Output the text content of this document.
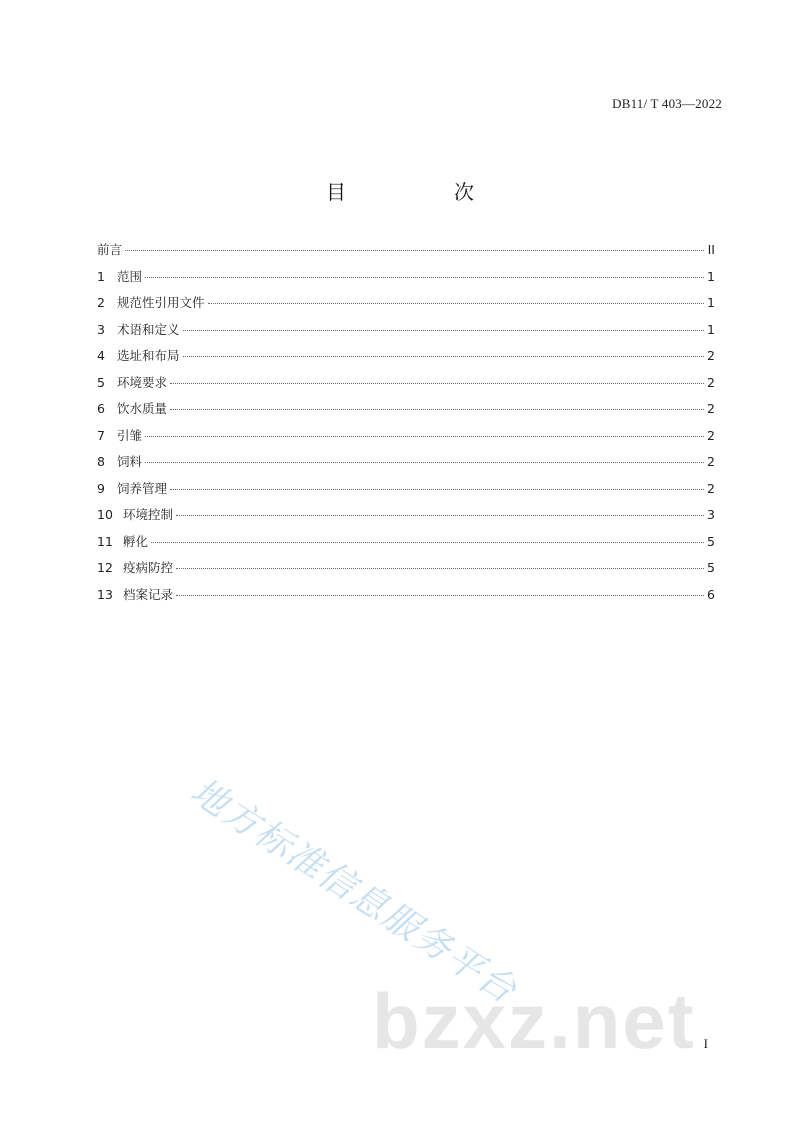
DB11/ T 403—2022
目　次
前言	II
1 范围	1
2 规范性引用文件	1
3 术语和定义	1
4 选址和布局	2
5 环境要求	2
6 饮水质量	2
7 引雏	2
8 饲料	2
9 饲养管理	2
10 环境控制	3
11 孵化	5
12 疫病防控	5
13 档案记录	6
地方标准信息服务平台
bzxz.net I
